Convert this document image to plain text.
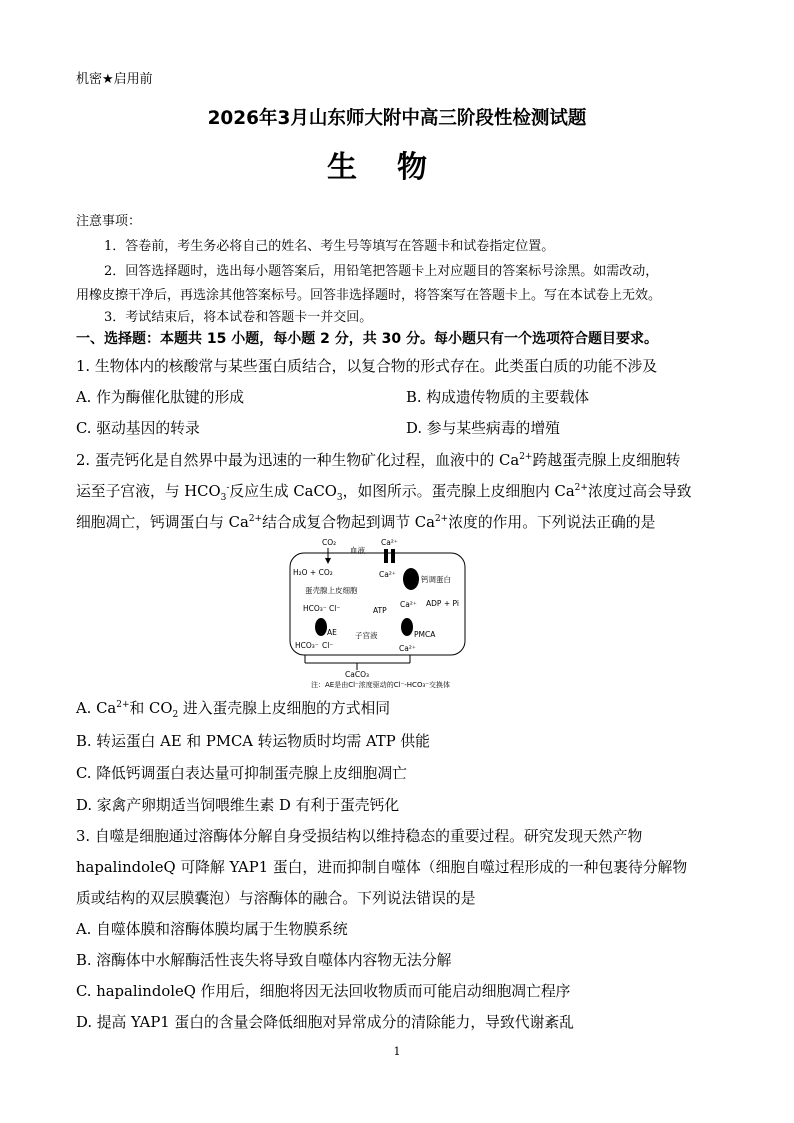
机密★启用前
2026年3月山东师大附中高三阶段性检测试题
生物
注意事项：
1．答卷前，考生务必将自己的姓名、考生号等填写在答题卡和试卷指定位置。
2．回答选择题时，选出每小题答案后，用铅笔把答题卡上对应题目的答案标号涂黑。如需改动，
用橡皮擦干净后，再选涂其他答案标号。回答非选择题时，将答案写在答题卡上。写在本试卷上无效。
3．考试结束后，将本试卷和答题卡一并交回。
一、选择题：本题共 15 小题，每小题 2 分，共 30 分。每小题只有一个选项符合题目要求。
1. 生物体内的核酸常与某些蛋白质结合，以复合物的形式存在。此类蛋白质的功能不涉及
A. 作为酶催化肽键的形成	B. 构成遗传物质的主要载体
C. 驱动基因的转录	D. 参与某些病毒的增殖
2. 蛋壳钙化是自然界中最为迅速的一种生物矿化过程，血液中的 $Ca^{2+}$跨越蛋壳腺上皮细胞转
运至子宫液，与 $HCO_3^-$反应生成 CaCO$_3$，如图所示。蛋壳腺上皮细胞内 $Ca^{2+}$浓度过高会导致
细胞凋亡，钙调蛋白与 $Ca^{2+}$结合成复合物起到调节 $Ca^{2+}$浓度的作用。下列说法正确的是
CO₂	Ca²⁺
血液
H₂O + CO₂	Ca²⁺
钙调蛋白
蛋壳腺上皮细胞
HCO₃⁻ Cl⁻	ATP
Ca²⁺ ADP + Pi
AE 子宫液	PMCA
HCO₃⁻ Cl⁻	Ca²⁺
CaCO₃
注：AE是由Cl⁻浓度驱动的Cl⁻-HCO₃⁻交换体
A. $Ca^{2+}$和 $CO_2$ 进入蛋壳腺上皮细胞的方式相同
B. 转运蛋白 AE 和 PMCA 转运物质时均需 ATP 供能
C. 降低钙调蛋白表达量可抑制蛋壳腺上皮细胞凋亡
D. 家禽产卵期适当饲喂维生素 D 有利于蛋壳钙化
3. 自噬是细胞通过溶酶体分解自身受损结构以维持稳态的重要过程。研究发现天然产物
hapalindoleQ 可降解 YAP1 蛋白，进而抑制自噬体（细胞自噬过程形成的一种包裹待分解物
质或结构的双层膜囊泡）与溶酶体的融合。下列说法错误的是
A. 自噬体膜和溶酶体膜均属于生物膜系统
B. 溶酶体中水解酶活性丧失将导致自噬体内容物无法分解
C. hapalindoleQ 作用后，细胞将因无法回收物质而可能启动细胞凋亡程序
D. 提高 YAP1 蛋白的含量会降低细胞对异常成分的清除能力，导致代谢紊乱
1
